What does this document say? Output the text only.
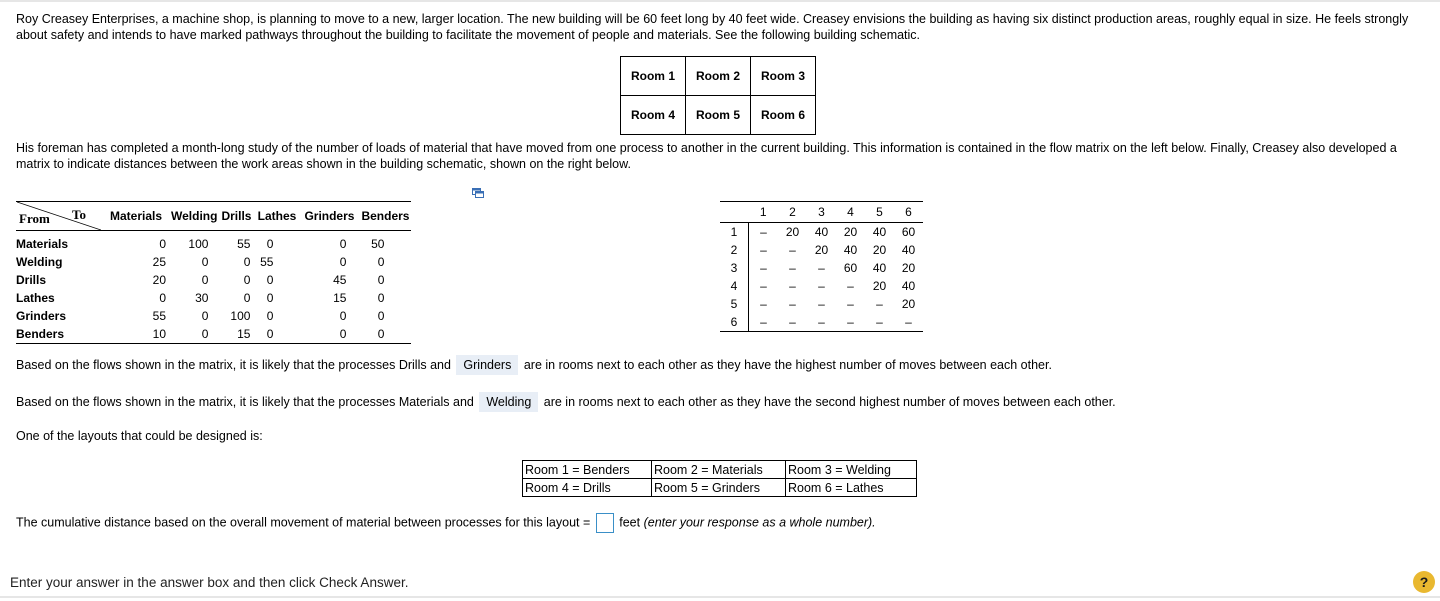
Roy Creasey Enterprises, a machine shop, is planning to move to a new, larger location. The new building will be 60 feet long by 40 feet wide. Creasey envisions the building as having six distinct production areas, roughly equal in size. He feels strongly about safety and intends to have marked pathways throughout the building to facilitate the movement of people and materials. See the following building schematic.
Room 1	Room 2	Room 3
Room 4	Room 5	Room 6
His foreman has completed a month-long study of the number of loads of material that have moved from one process to another in the current building. This information is contained in the flow matrix on the left below. Finally, Creasey also developed a matrix to indicate distances between the work areas shown in the building schematic, shown on the right below.
From To	Materials	Welding	Drills	Lathes	Grinders	Benders
Materials	0	100	55	0	0	50
Welding	25	0	0	55	0	0
Drills	20	0	0	0	45	0
Lathes	0	30	0	0	15	0
Grinders	55	0	100	0	0	0
Benders	10	0	15	0	0	0
	1	2	3	4	5	6
1	–	20	40	20	40	60
2	–	–	20	40	20	40
3	–	–	–	60	40	20
4	–	–	–	–	20	40
5	–	–	–	–	–	20
6	–	–	–	–	–	–
Based on the flows shown in the matrix, it is likely that the processes Drills and Grinders are in rooms next to each other as they have the highest number of moves between each other.
Based on the flows shown in the matrix, it is likely that the processes Materials and Welding are in rooms next to each other as they have the second highest number of moves between each other.
One of the layouts that could be designed is:
Room 1 = Benders	Room 2 = Materials	Room 3 = Welding
Room 4 = Drills	Room 5 = Grinders	Room 6 = Lathes
The cumulative distance based on the overall movement of material between processes for this layout = feet (enter your response as a whole number).
Enter your answer in the answer box and then click Check Answer.	?
